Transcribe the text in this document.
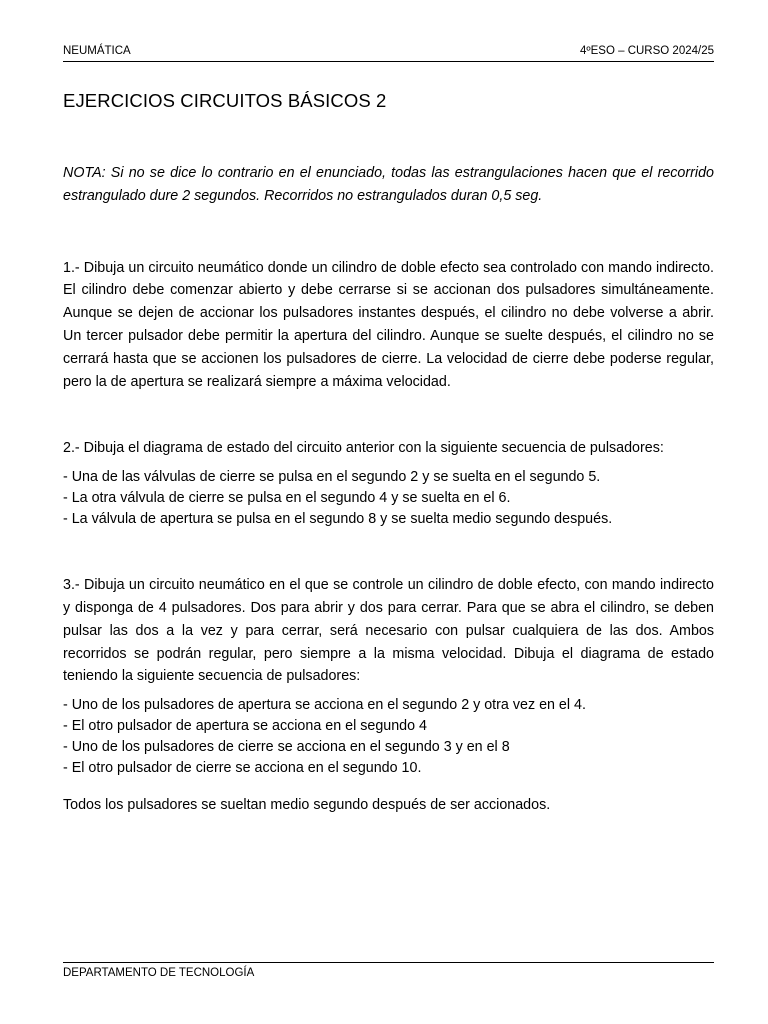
NEUMÁTICA	4ºESO – CURSO 2024/25
EJERCICIOS CIRCUITOS BÁSICOS 2

NOTA: Si no se dice lo contrario en el enunciado, todas las estrangulaciones hacen que el recorrido estrangulado dure 2 segundos. Recorridos no estrangulados duran 0,5 seg.

1.- Dibuja un circuito neumático donde un cilindro de doble efecto sea controlado con mando indirecto. El cilindro debe comenzar abierto y debe cerrarse si se accionan dos pulsadores simultáneamente. Aunque se dejen de accionar los pulsadores instantes después, el cilindro no debe volverse a abrir. Un tercer pulsador debe permitir la apertura del cilindro. Aunque se suelte después, el cilindro no se cerrará hasta que se accionen los pulsadores de cierre. La velocidad de cierre debe poderse regular, pero la de apertura se realizará siempre a máxima velocidad.

2.- Dibuja el diagrama de estado del circuito anterior con la siguiente secuencia de pulsadores:

- Una de las válvulas de cierre se pulsa en el segundo 2 y se suelta en el segundo 5.
- La otra válvula de cierre se pulsa en el segundo 4 y se suelta en el 6.
- La válvula de apertura se pulsa en el segundo 8 y se suelta medio segundo después.

3.- Dibuja un circuito neumático en el que se controle un cilindro de doble efecto, con mando indirecto y disponga de 4 pulsadores. Dos para abrir y dos para cerrar. Para que se abra el cilindro, se deben pulsar las dos a la vez y para cerrar, será necesario con pulsar cualquiera de las dos. Ambos recorridos se podrán regular, pero siempre a la misma velocidad. Dibuja el diagrama de estado teniendo la siguiente secuencia de pulsadores:

- Uno de los pulsadores de apertura se acciona en el segundo 2 y otra vez en el 4.
- El otro pulsador de apertura se acciona en el segundo 4
- Uno de los pulsadores de cierre se acciona en el segundo 3 y en el 8
- El otro pulsador de cierre se acciona en el segundo 10.

Todos los pulsadores se sueltan medio segundo después de ser accionados.

DEPARTAMENTO DE TECNOLOGÍA
